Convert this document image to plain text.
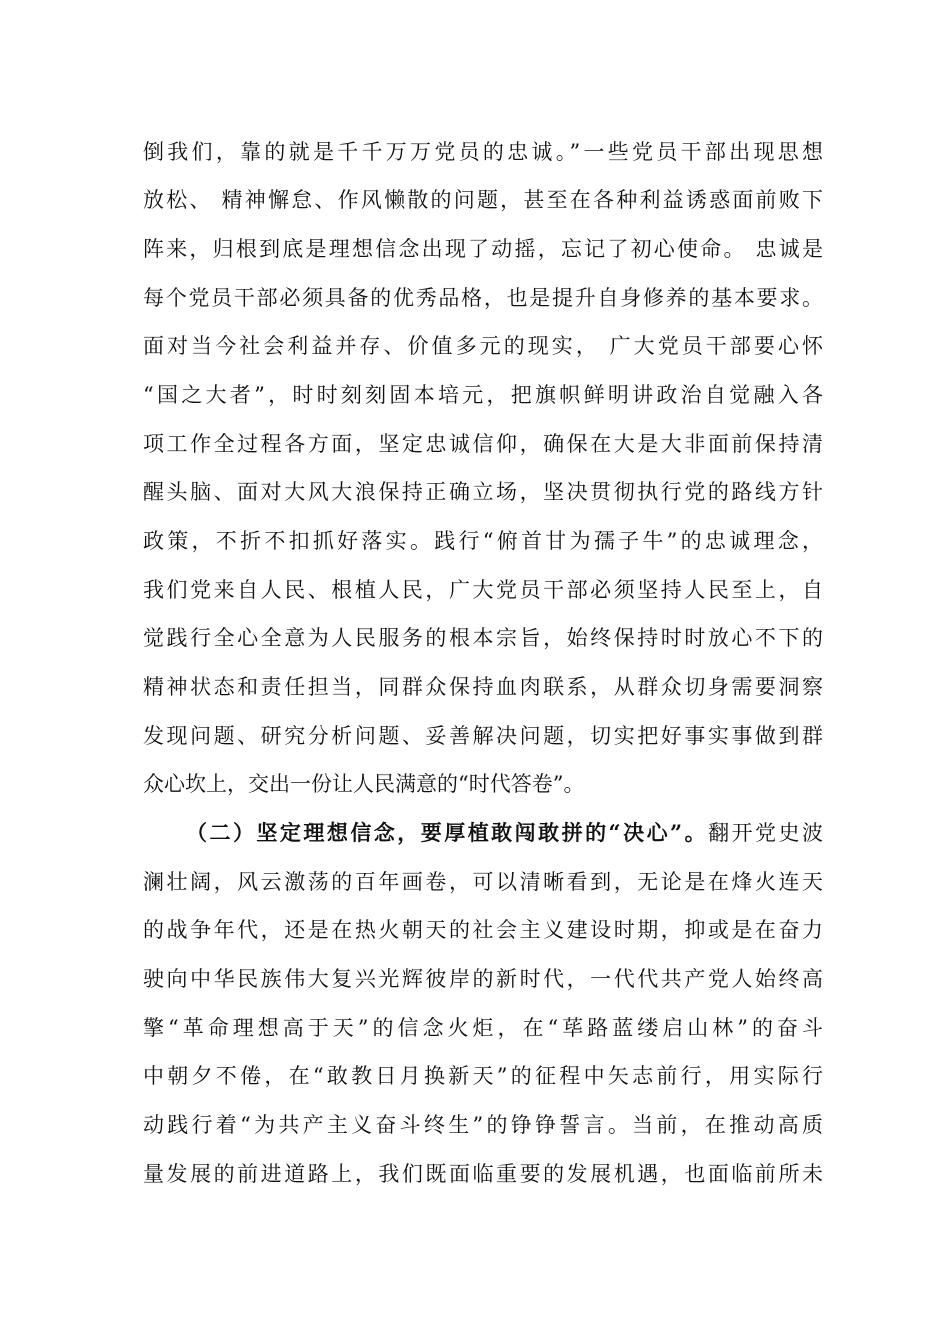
倒我们，靠的就是千千万万党员的忠诚。”一些党员干部出现思想
放松、 精神懈怠、作风懒散的问题，甚至在各种利益诱惑面前败下
阵来，归根到底是理想信念出现了动摇，忘记了初心使命。 忠诚是
每个党员干部必须具备的优秀品格，也是提升自身修养的基本要求。
面对当今社会利益并存、价值多元的现实， 广大党员干部要心怀
“国之大者”，时时刻刻固本培元，把旗帜鲜明讲政治自觉融入各
项工作全过程各方面，坚定忠诚信仰，确保在大是大非面前保持清
醒头脑、面对大风大浪保持正确立场，坚决贯彻执行党的路线方针
政策，不折不扣抓好落实。践行“俯首甘为孺子牛”的忠诚理念，
我们党来自人民、根植人民，广大党员干部必须坚持人民至上，自
觉践行全心全意为人民服务的根本宗旨，始终保持时时放心不下的
精神状态和责任担当，同群众保持血肉联系，从群众切身需要洞察
发现问题、研究分析问题、妥善解决问题，切实把好事实事做到群
众心坎上，交出一份让人民满意的“时代答卷”。
（二）坚定理想信念，要厚植敢闯敢拼的“决心”。翻开党史波
澜壮阔，风云激荡的百年画卷，可以清晰看到，无论是在烽火连天
的战争年代，还是在热火朝天的社会主义建设时期，抑或是在奋力
驶向中华民族伟大复兴光辉彼岸的新时代，一代代共产党人始终高
擎“革命理想高于天”的信念火炬，在“荜路蓝缕启山林”的奋斗
中朝夕不倦，在“敢教日月换新天”的征程中矢志前行，用实际行
动践行着“为共产主义奋斗终生”的铮铮誓言。当前，在推动高质
量发展的前进道路上，我们既面临重要的发展机遇，也面临前所未
